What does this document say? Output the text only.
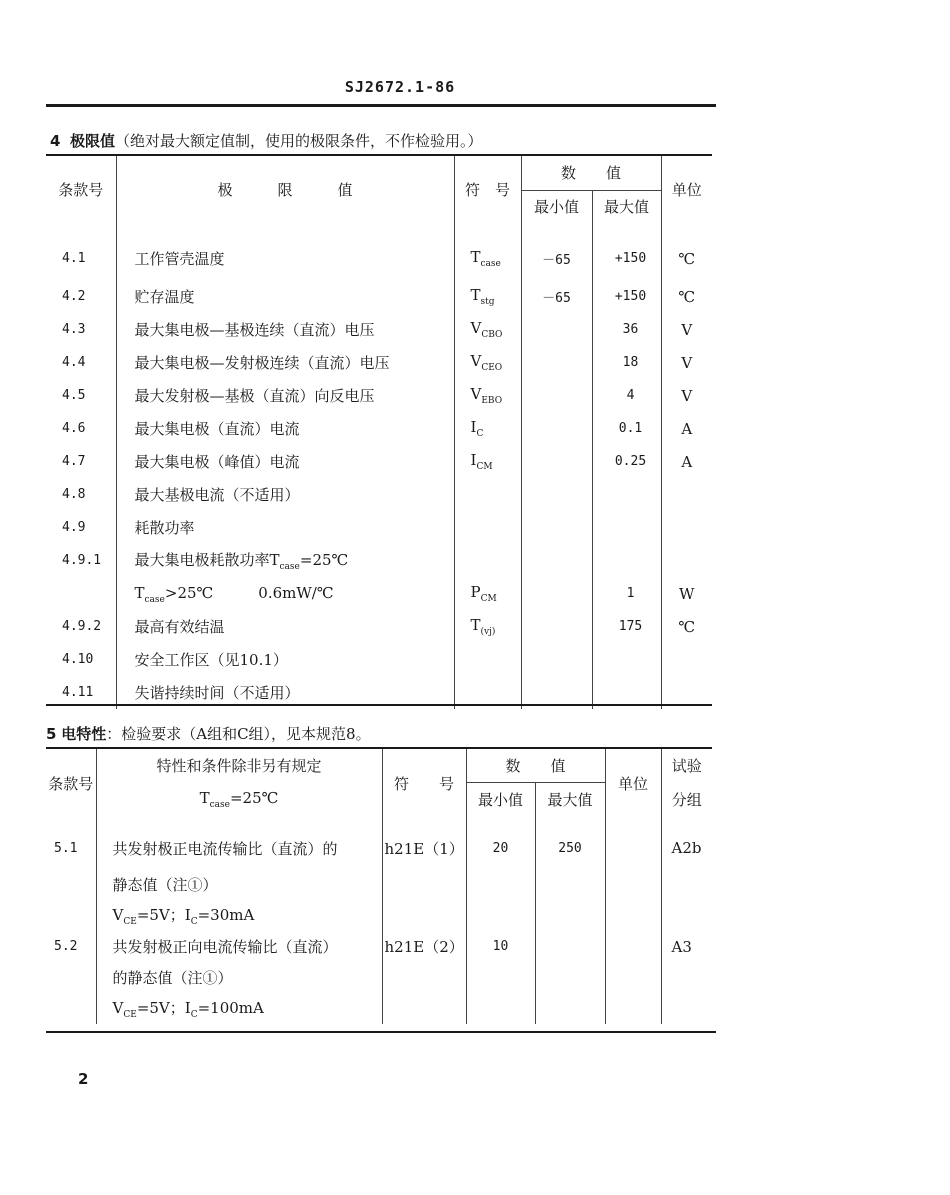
SJ2672.1-86
4 极限值（绝对最大额定值制，使用的极限条件，不作检验用。）
条款号	极　　　限　　　值	符　号	数　　值		单位
			最小值	最大值	
4.1	工作管壳温度	$T_{case}$	－65	+150	℃
4.2	贮存温度	$T_{stg}$	－65	+150	℃
4.3	最大集电极—基极连续（直流）电压	$V_{CBO}$		36	V
4.4	最大集电极—发射极连续（直流）电压	$V_{CEO}$		18	V
4.5	最大发射极—基极（直流）向反电压	$V_{EBO}$		4	V
4.6	最大集电极（直流）电流	$I_C$		0.1	A
4.7	最大集电极（峰值）电流	$I_{CM}$		0.25	A
4.8	最大基极电流（不适用）				
4.9	耗散功率				
4.9.1	最大集电极耗散功率$T_{case}=25℃$				
	$T_{case}>25℃$　　　0.6mW/℃	$P_{CM}$		1	W
4.9.2	最高有效结温	$T_{(vj)}$		175	℃
4.10	安全工作区（见10.1）				
4.11	失谐持续时间（不适用）				
5 电特性：检验要求（A组和C组），见本规范8。
条款号	特性和条件除非另有规定	符　　号	数　　值		单位	试验
	$T_{case}=25℃$		最小值	最大值		分组
5.1	共发射极正电流传输比（直流）的	h21E（1）	20	250		A2b
	静态值（注①）					
	$V_{CE}=5V$；$I_C=30mA$					
5.2	共发射极正向电流传输比（直流）	h21E（2）	10			A3
	的静态值（注①）					
	$V_{CE}=5V$；$I_C=100mA$					
2
